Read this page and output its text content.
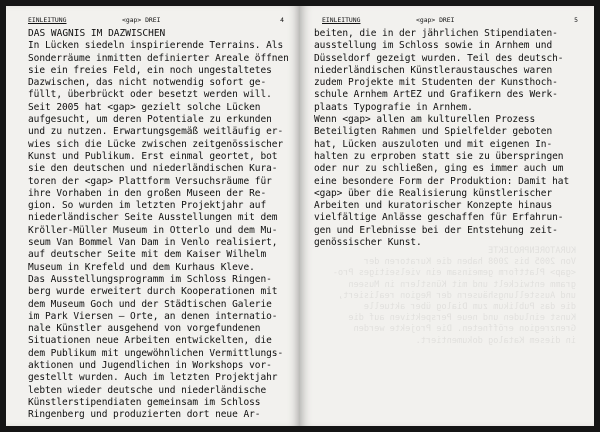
EINLEITUNG	<gap> DREI	4
DAS WAGNIS IM DAZWISCHEN
In Lücken siedeln inspirierende Terrains. Als
Sonderräume inmitten definierter Areale öffnen
sie ein freies Feld, ein noch ungestaltetes
Dazwischen, das nicht notwendig sofort ge-
füllt, überbrückt oder besetzt werden will.
Seit 2005 hat <gap> gezielt solche Lücken
aufgesucht, um deren Potentiale zu erkunden
und zu nutzen. Erwartungsgemäß weitläufig er-
wies sich die Lücke zwischen zeitgenössischer
Kunst und Publikum. Erst einmal geortet, bot
sie den deutschen und niederländischen Kura-
toren der <gap> Plattform Versuchsräume für
ihre Vorhaben in den großen Museen der Re-
gion. So wurden im letzten Projektjahr auf
niederländischer Seite Ausstellungen mit dem
Kröller-Müller Museum in Otterlo und dem Mu-
seum Van Bommel Van Dam in Venlo realisiert,
auf deutscher Seite mit dem Kaiser Wilhelm
Museum in Krefeld und dem Kurhaus Kleve.
Das Ausstellungsprogramm im Schloss Ringen-
berg wurde erweitert durch Kooperationen mit
dem Museum Goch und der Städtischen Galerie
im Park Viersen – Orte, an denen internatio-
nale Künstler ausgehend von vorgefundenen
Situationen neue Arbeiten entwickelten, die
dem Publikum mit ungewöhnlichen Vermittlungs-
aktionen und Jugendlichen in Workshops vor-
gestellt wurden. Auch im letzten Projektjahr
lebten wieder deutsche und niederländische
Künstlerstipendiaten gemeinsam im Schloss
Ringenberg und produzierten dort neue Ar-
EINLEITUNG	<gap> DREI	5
beiten, die in der jährlichen Stipendiaten-
ausstellung im Schloss sowie in Arnhem und
Düsseldorf gezeigt wurden. Teil des deutsch-
niederländischen Künstleraustausches waren
zudem Projekte mit Studenten der Kunsthoch-
schule Arnhem ArtEZ und Grafikern des Werk-
plaats Typografie in Arnhem.
Wenn <gap> allen am kulturellen Prozess
Beteiligten Rahmen und Spielfelder geboten
hat, Lücken auszuloten und mit eigenen In-
halten zu erproben statt sie zu überspringen
oder nur zu schließen, ging es immer auch um
eine besondere Form der Produktion: Damit hat
<gap> über die Realisierung künstlerischer
Arbeiten und kuratorischer Konzepte hinaus
vielfältige Anlässe geschaffen für Erfahrun-
gen und Erlebnisse bei der Entstehung zeit-
genössischer Kunst.
KURATORENPROJEKTE
Von 2005 bis 2008 haben die Kuratoren der
<gap> Plattform gemeinsam ein vielseitiges Pro-
gramm entwickelt und mit Künstlern in Museen
und Ausstellungshäusern der Region realisiert,
die das Publikum zum Dialog über aktuelle
Kunst einluden und neue Perspektiven auf die
Grenzregion eröffneten. Die Projekte werden
in diesem Katalog dokumentiert.
